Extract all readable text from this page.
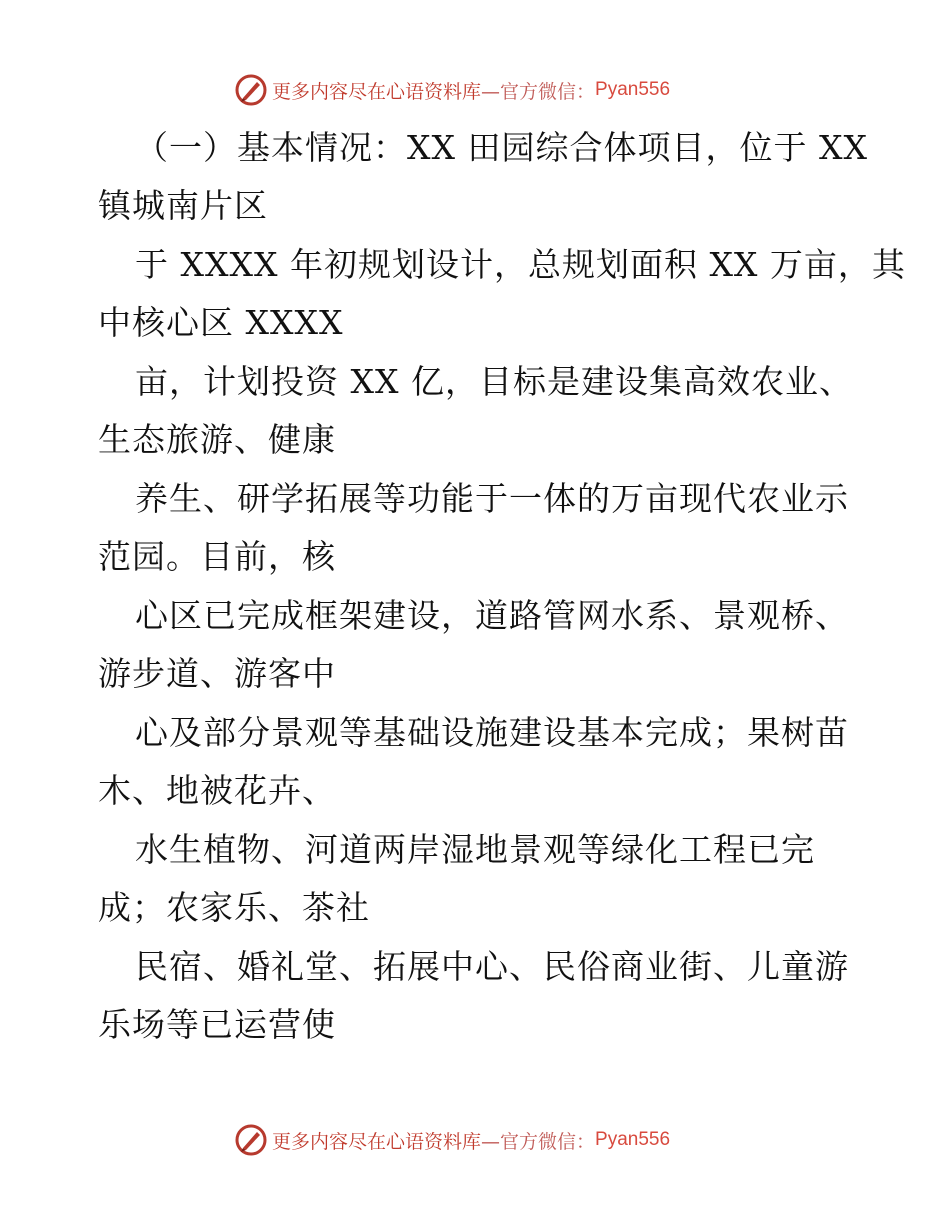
更多内容尽在心语资料库 —官方微信： Pyan556
（一）基本情况：XX 田园综合体项目，位于 XX
镇城南片区
于 XXXX 年初规划设计，总规划面积 XX 万亩，其
中核心区 XXXX
亩，计划投资 XX 亿，目标是建设集高效农业、
生态旅游、健康
养生、研学拓展等功能于一体的万亩现代农业示
范园。目前，核
心区已完成框架建设，道路管网水系、景观桥、
游步道、游客中
心及部分景观等基础设施建设基本完成；果树苗
木、地被花卉、
水生植物、河道两岸湿地景观等绿化工程已完
成；农家乐、茶社
民宿、婚礼堂、拓展中心、民俗商业街、儿童游
乐场等已运营使
更多内容尽在心语资料库 —官方微信： Pyan556
